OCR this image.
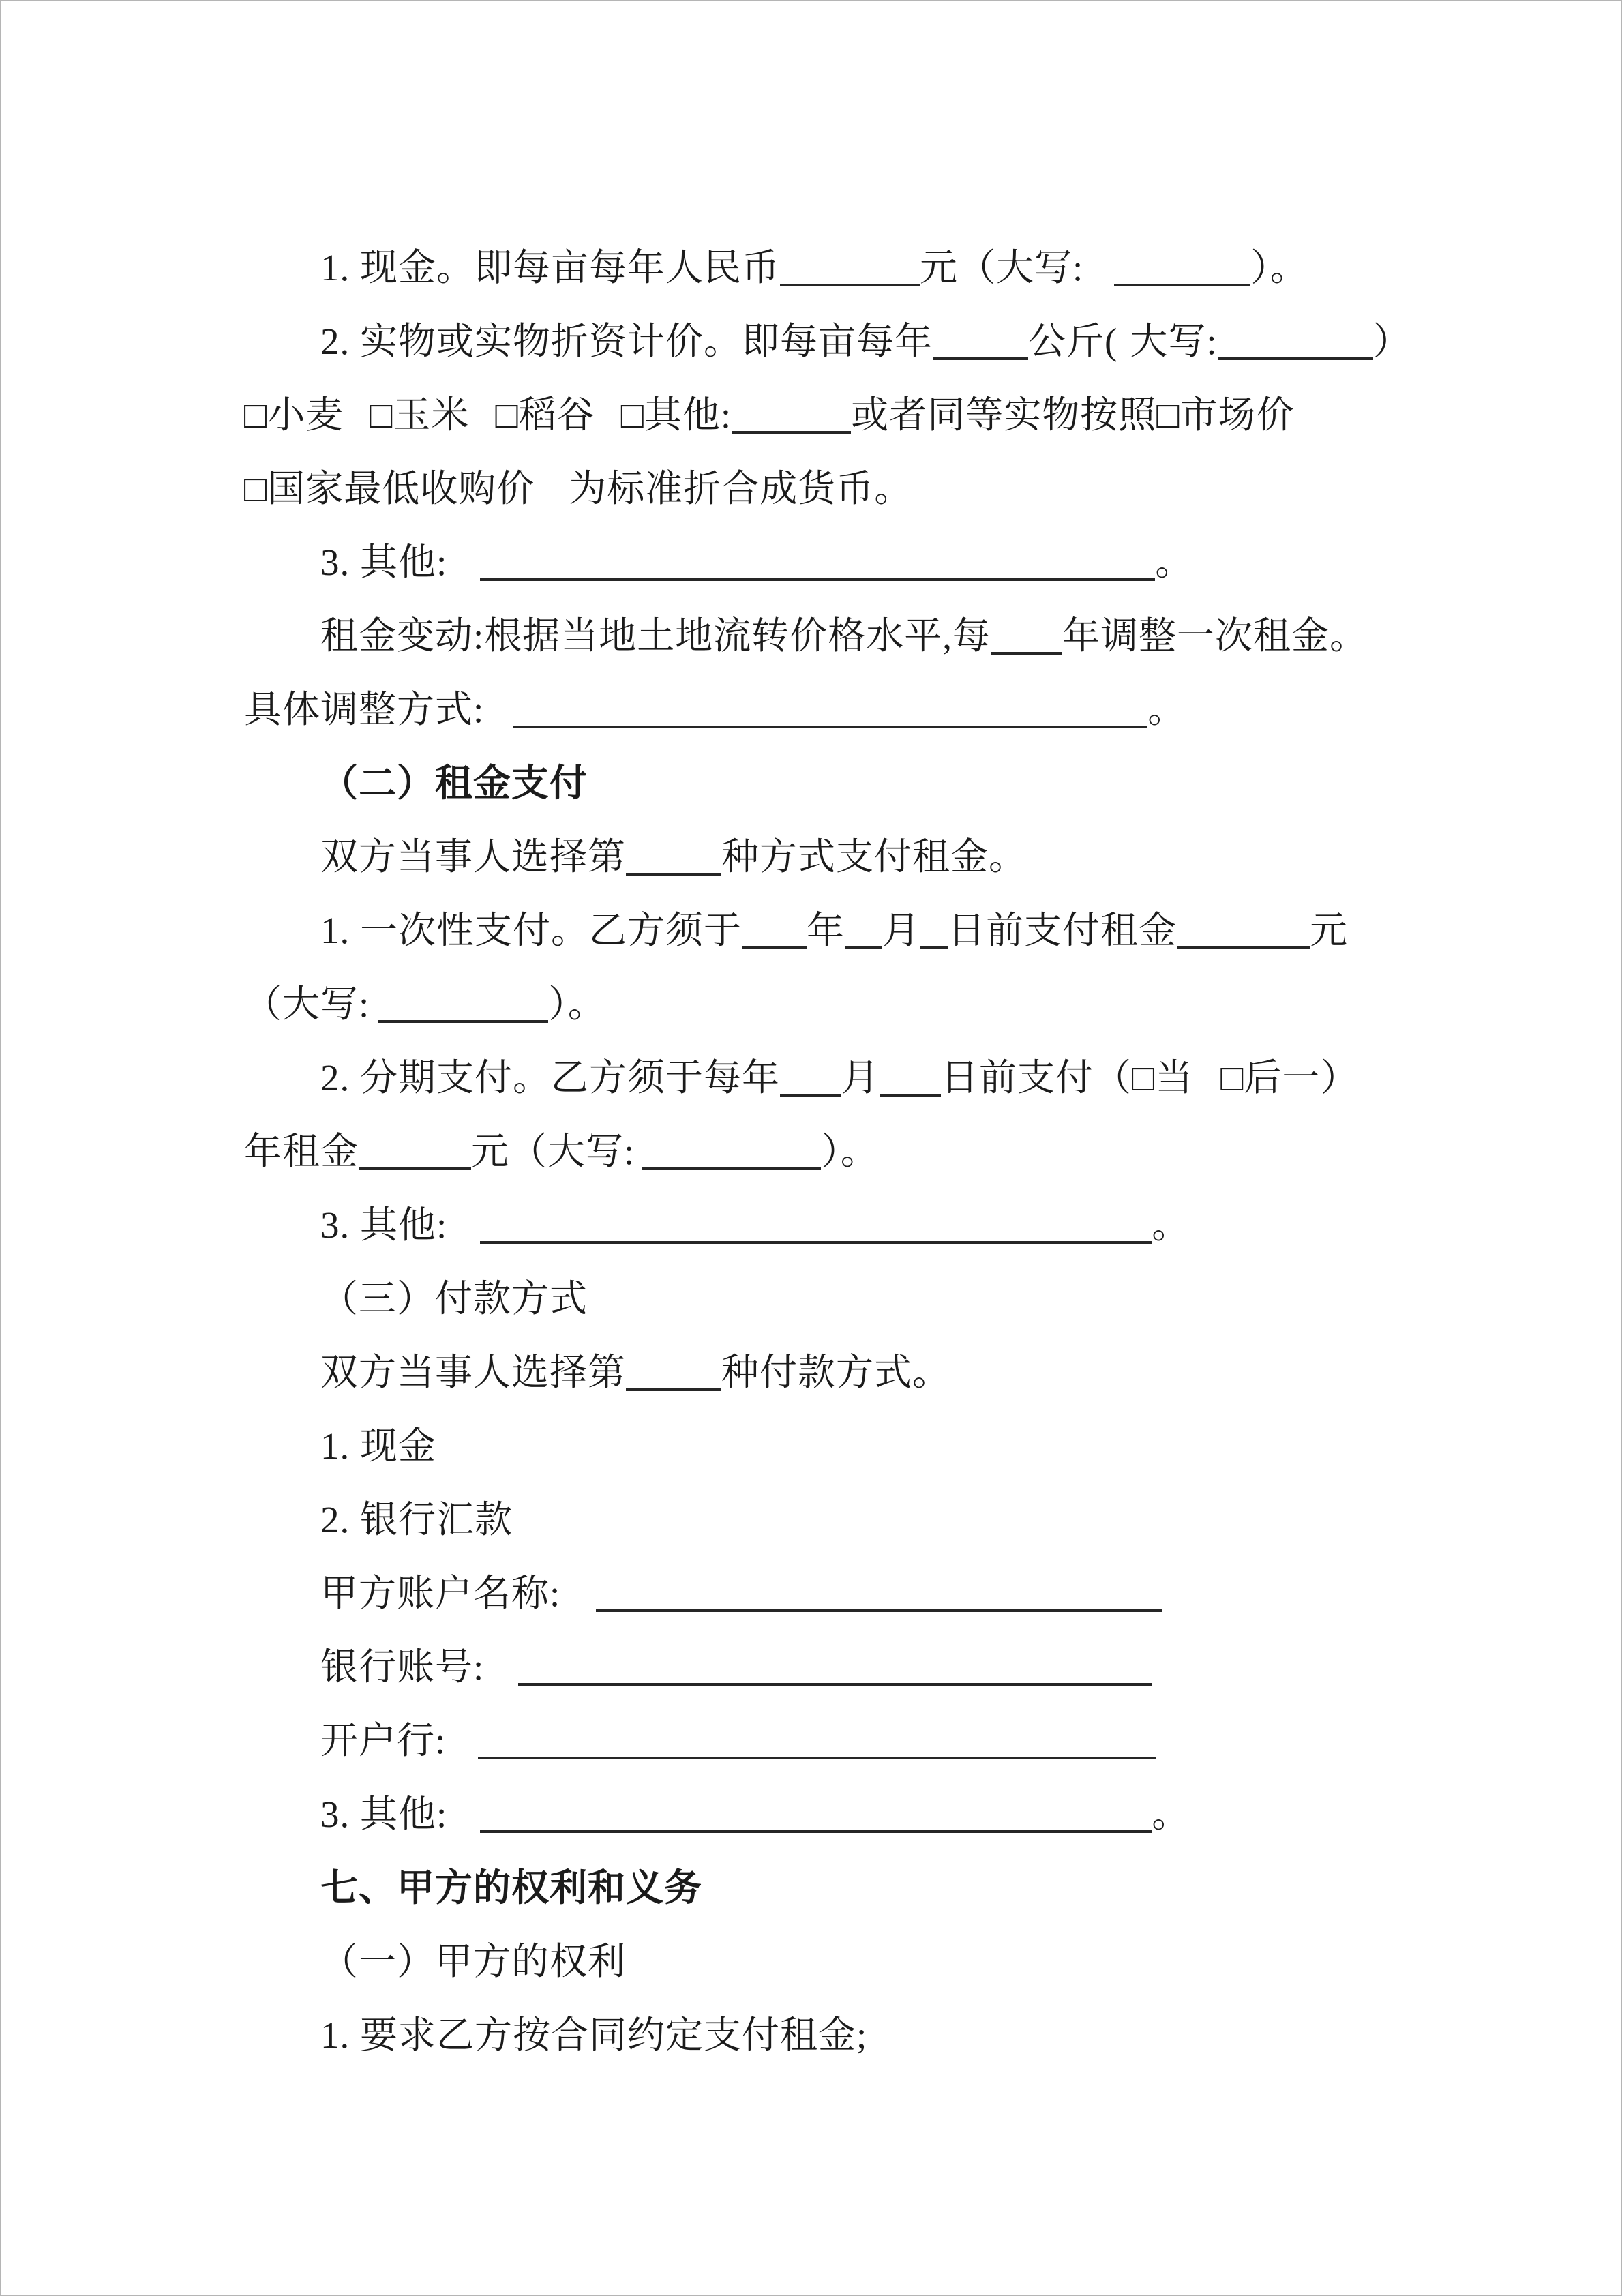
1. 现金。即每亩每年人民币	元（大写:	）。
2. 实物或实物折资计价。即每亩每年	公斤( 大写:	）
□小麦 □玉米 □稻谷 □其他:	或者同等实物按照□市场价
□国家最低收购价 为标准折合成货币。
3. 其他:	。
租金变动:根据当地土地流转价格水平,每 年调整一次租金。
具体调整方式:	。
（二）租金支付
双方当事人选择第	种方式支付租金。
1. 一次性支付。乙方须于 年 月 日前支付租金	元
（大写:	）。
2. 分期支付。乙方须于每年 月 日前支付（□当 □后一）
年租金	元（大写:	）。
3. 其他:	。
（三）付款方式
双方当事人选择第	种付款方式。
1. 现金
2. 银行汇款
甲方账户名称:
银行账号:
开户行:
3. 其他:	。
七、甲方的权利和义务
（一）甲方的权利
1. 要求乙方按合同约定支付租金;
